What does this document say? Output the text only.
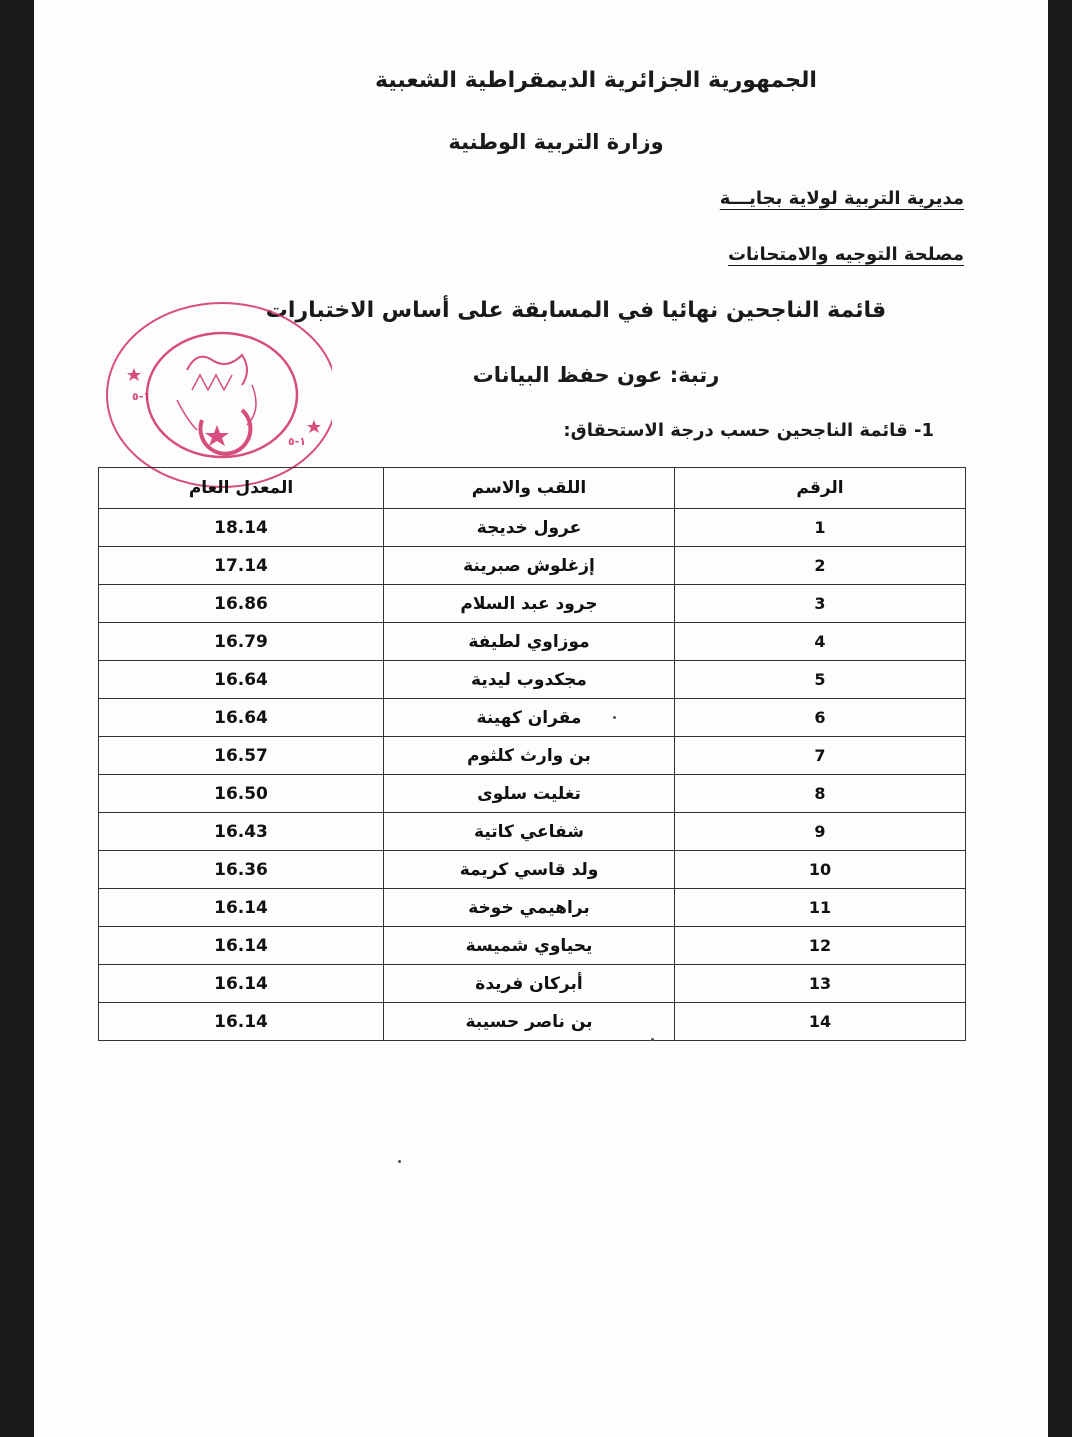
الجمهورية الجزائرية الديمقراطية الشعبية
وزارة التربية الوطنية
مديرية التربية لولاية بجايـــة
مصلحة التوجيه والامتحانات
قائمة الناجحين نهائيا في المسابقة على أساس الاختبارات
رتبة: عون حفظ البيانات
1- قائمة الناجحين حسب درجة الاستحقاق:
١-٥
١-٥
الرقم	اللقب والاسم	المعدل العام
1	عرول خديجة	18.14
2	إزغلوش صبرينة	17.14
3	جرود عبد السلام	16.86
4	موزاوي لطيفة	16.79
5	مجكدوب ليدية	16.64
6	مقران كهينة	16.64
7	بن وارث كلثوم	16.57
8	تغليت سلوى	16.50
9	شفاعي كاتية	16.43
10	ولد قاسي كريمة	16.36
11	براهيمي خوخة	16.14
12	يحياوي شميسة	16.14
13	أبركان فريدة	16.14
14	بن ناصر حسيبة	16.14
